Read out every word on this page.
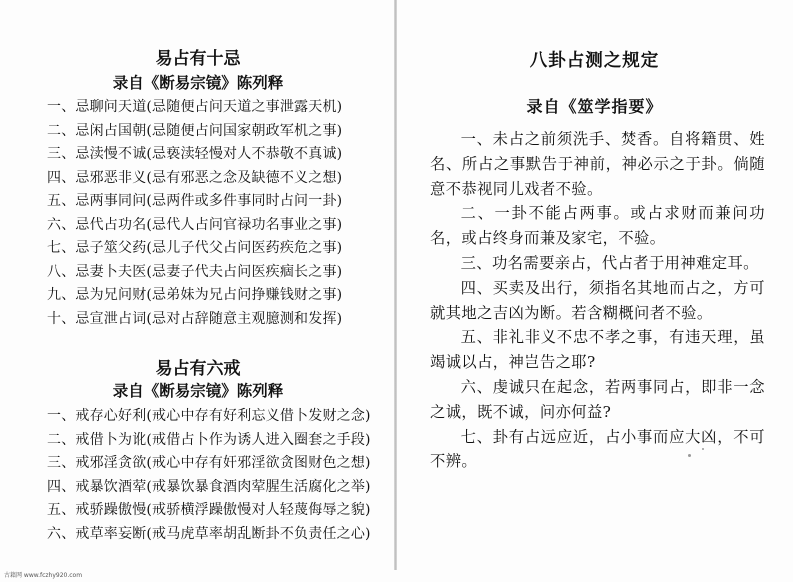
易占有十忌
录自《断易宗镜》陈列释
一、忌聊问天道(忌随便占问天道之事泄露天机)
二、忌闲占国朝(忌随便占问国家朝政军机之事)
三、忌渎慢不诚(忌亵渎轻慢对人不恭敬不真诚)
四、忌邪恶非义(忌有邪恶之念及缺德不义之想)
五、忌两事同问(忌两件或多件事同时占问一卦)
六、忌代占功名(忌代人占问官禄功名事业之事)
七、忌子筮父药(忌儿子代父占问医药疾危之事)
八、忌妻卜夫医(忌妻子代夫占问医疾痼长之事)
九、忌为兄问财(忌弟妹为兄占问挣赚钱财之事)
十、忌宣泄占词(忌对占辞随意主观臆测和发挥)
易占有六戒
录自《断易宗镜》陈列释
一、戒存心好利(戒心中存有好利忘义借卜发财之念)
二、戒借卜为讹(戒借占卜作为诱人进入圈套之手段)
三、戒邪淫贪欲(戒心中存有奸邪淫欲贪图财色之想)
四、戒暴饮酒荤(戒暴饮暴食酒肉荤腥生活腐化之举)
五、戒骄躁傲慢(戒骄横浮躁傲慢对人轻蔑侮辱之貌)
六、戒草率妄断(戒马虎草率胡乱断卦不负责任之心)
八卦占测之规定
录自《筮学指要》

一、未占之前须洗手、焚香。自将籍贯、姓名、所占之事默告于神前，神必示之于卦。倘随意不恭视同儿戏者不验。

二、一卦不能占两事。或占求财而兼问功名，或占终身而兼及家宅，不验。

三、功名需要亲占，代占者于用神难定耳。

四、买卖及出行，须指名其地而占之，方可就其地之吉凶为断。若含糊概问者不验。

五、非礼非义不忠不孝之事，有违天理，虽竭诚以占，神岂告之耶?

六、虔诚只在起念，若两事同占，即非一念之诚，既不诚，问亦何益?

七、卦有占远应近，占小事而应大凶，不可不辨。

古籍网 www.fczhy920.com
